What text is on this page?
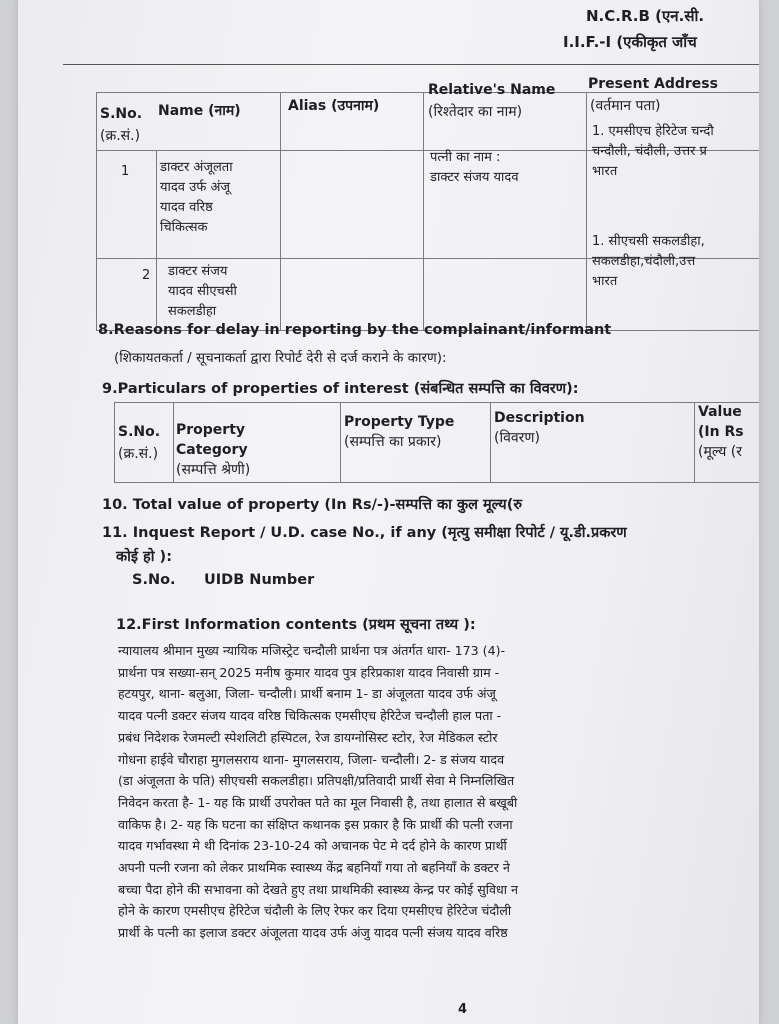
N.C.R.B (एन.सी.
I.I.F.-I (एकीकृत जाँच
S.No.
(क्र.सं.)
Name (नाम)	Alias (उपनाम)
Relative's Name
(रिश्तेदार का नाम)
Present Address
(वर्तमान पता)
1 डाक्टर अंजूलता
यादव उर्फ अंजू
यादव वरिष्ठ
चिकित्सक
पत्नी का नाम :
डाक्टर संजय यादव
1. एमसीएच हेरिटेज चन्दौ
चन्दौली, चंदौली, उत्तर प्र
भारत
2 डाक्टर संजय
यादव सीएचसी
सकलडीहा
1. सीएचसी सकलडीहा,
सकलडीहा,चंदौली,उत्त
भारत
8.Reasons for delay in reporting by the complainant/informant
(शिकायतकर्ता / सूचनाकर्ता द्वारा रिपोर्ट देरी से दर्ज कराने के कारण):
9.Particulars of properties of interest (संबन्धित सम्पत्ति का विवरण):
S.No.
(क्र.सं.)
Property
Category
(सम्पत्ति श्रेणी)
Property Type
(सम्पत्ति का प्रकार)
Description
(विवरण)
Value
(In Rs
(मूल्य (र
10. Total value of property (In Rs/-)-सम्पत्ति का कुल मूल्य(रु
11. Inquest Report / U.D. case No., if any (मृत्यु समीक्षा रिपोर्ट / यू.डी.प्रकरण
कोई हो ):
S.No. UIDB Number
12.First Information contents (प्रथम सूचना तथ्य ):
न्यायालय श्रीमान मुख्य न्यायिक मजिस्ट्रेट चन्दौली प्रार्थना पत्र अंतर्गत धारा- 173 (4)-
प्रार्थना पत्र सख्या-सन् 2025 मनीष कुमार यादव पुत्र हरिप्रकाश यादव निवासी ग्राम -
हटयपुर, थाना- बलुआ, जिला- चन्दौली। प्रार्थी बनाम 1- डा अंजूलता यादव उर्फ अंजू
यादव पत्नी डक्टर संजय यादव वरिष्ठ चिकित्सक एमसीएच हेरिटेज चन्दौली हाल पता -
प्रबंध निदेशक रेजमल्टी स्पेशलिटी हस्पिटल, रेज डायग्नोसिस्ट स्टोर, रेज मेडिकल स्टोर
गोधना हाईवे चौराहा मुगलसराय थाना- मुगलसराय, जिला- चन्दौली। 2- ड संजय यादव
(डा अंजूलता के पति) सीएचसी सकलडीहा। प्रतिपक्षी/प्रतिवादी प्रार्थी सेवा मे निम्नलिखित
निवेदन करता है- 1- यह कि प्रार्थी उपरोक्त पते का मूल निवासी है, तथा हालात से बखूबी
वाकिफ है। 2- यह कि घटना का संक्षिप्त कथानक इस प्रकार है कि प्रार्थी की पत्नी रजना
यादव गर्भावस्था मे थी दिनांक 23-10-24 को अचानक पेट मे दर्द होने के कारण प्रार्थी
अपनी पत्नी रजना को लेकर प्राथमिक स्वास्थ्य केंद्र बहनियाँ गया तो बहनियाँ के डक्टर ने
बच्चा पैदा होने की सभावना को देखते हुए तथा प्राथमिकी स्वास्थ्य केन्द्र पर कोई सुविधा न
होने के कारण एमसीएच हेरिटेज चंदौली के लिए रेफर कर दिया एमसीएच हेरिटेज चंदौली
प्रार्थी के पत्नी का इलाज डक्टर अंजूलता यादव उर्फ अंजु यादव पत्नी संजय यादव वरिष्ठ
4
